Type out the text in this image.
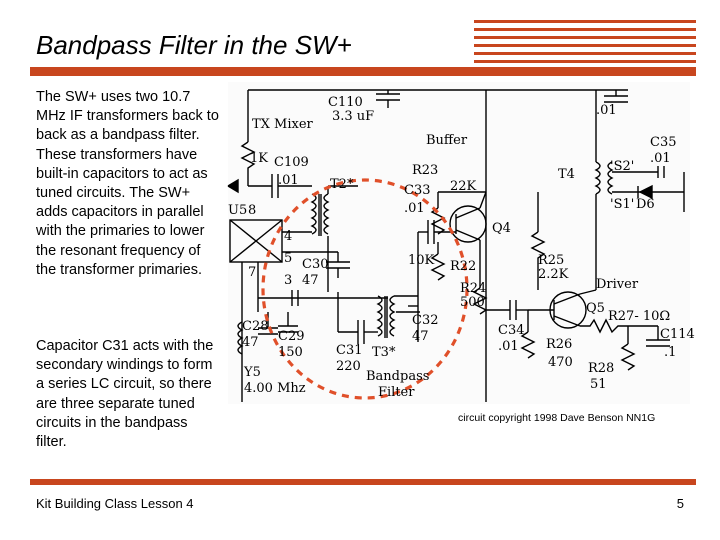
Bandpass Filter in the SW+
The SW+ uses two 10.7 MHz IF transformers back to back as a bandpass filter. These transformers have built-in capacitors to act as tuned circuits. The SW+ adds capacitors in parallel with the primaries to lower the resonant frequency of the transformer primaries.
Capacitor C31 acts with the secondary windings to form a series LC circuit, so there are three separate tuned circuits in the bandpass filter.
C110
3.3 uF
TX Mixer
.01
Buffer	C35
.01
1K C109
.01 T2*
R23
C33
.01
22K
T4
'S2'
'S1' D6
U5 8
4
5
7
3
C30
47
Q4
10K R22	R25
2.2K
R24
500
Driver
Q5
R27- 10Ω
C28
47 C29
150
C32
47	C34
.01
C114
.1
Y5
4.00 Mhz
C31
220
T3*
Bandpass
Filter
R26
470 R28
51
circuit copyright 1998 Dave Benson NN1G
Kit Building Class Lesson 4	5
